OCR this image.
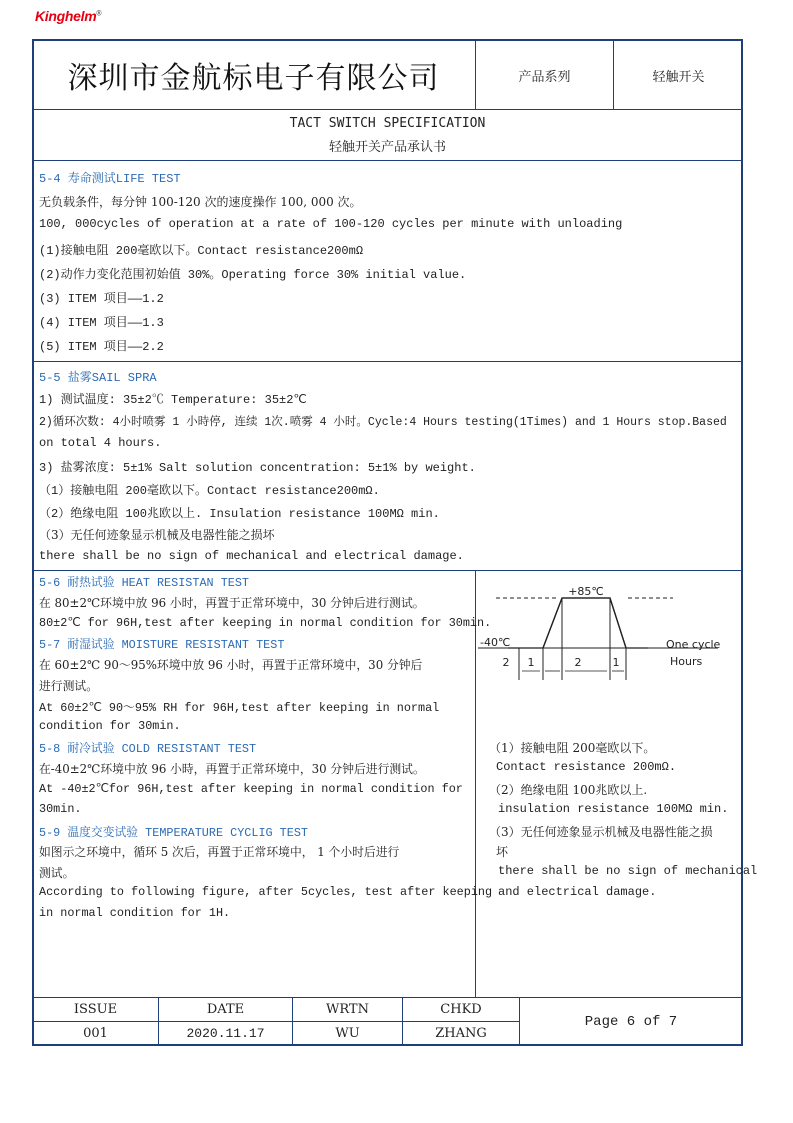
Kinghelm®
深圳市金航标电子有限公司	产品系列	轻触开关
TACT SWITCH SPECIFICATION
轻触开关产品承认书
5-4 寿命测试LIFE TEST
无负载条件，每分钟 100-120 次的速度操作 100, 000 次。
100, 000cycles of operation at a rate of 100-120 cycles per minute with unloading
(1)接触电阻 200毫欧以下。Contact resistance200mΩ
(2)动作力变化范围初始值 30%。Operating force 30% initial value.
(3) ITEM 项目——1.2
(4) ITEM 项目——1.3
(5) ITEM 项目——2.2
5-5 盐雾SAIL SPRA
1) 测试温度: 35±2℃ Temperature: 35±2℃
2)循环次数: 4小时喷雾 1 小時停, 连续 1次.喷雾 4 小时。Cycle:4 Hours testing(1Times) and 1 Hours stop.Based
on total 4 hours.
3) 盐雾浓度: 5±1% Salt solution concentration: 5±1% by weight.
（1）接触电阻 200毫欧以下。Contact resistance200mΩ.
（2）绝缘电阻 100兆欧以上. Insulation resistance 100MΩ min.
（3）无任何迹象显示机械及电器性能之损坏
there shall be no sign of mechanical and electrical damage.
5-6 耐热试验 HEAT RESISTAN TEST
在 80±2℃环境中放 96 小时，再置于正常环境中，30 分钟后进行测试。
80±2℃ for 96H,test after keeping in normal condition for 30min.
5-7 耐湿试验 MOISTURE RESISTANT TEST
在 60±2℃ 90～95%环境中放 96 小时，再置于正常环境中，30 分钟后
进行测试。
At 60±2℃ 90～95% RH for 96H,test after keeping in normal
condition for 30min.
5-8 耐冷试验 COLD RESISTANT TEST
在-40±2℃环境中放 96 小時，再置于正常环境中，30 分钟后进行测试。
At -40±2℃for 96H,test after keeping in normal condition for
30min.
5-9 温度交变试验 TEMPERATURE CYCLIG TEST
如图示之环境中，循环 5 次后，再置于正常环境中， 1 个小时后进行
测试。
According to following figure, after 5cycles, test after keeping
in normal condition for 1H.
+85℃
-40℃
2 1	2	1
One cycle
Hours
（1）接触电阻 200毫欧以下。
Contact resistance 200mΩ.
（2）绝缘电阻 100兆欧以上.
insulation resistance 100MΩ min.
（3）无任何迹象显示机械及电器性能之损
坏
there shall be no sign of mechanical
and electrical damage.
ISSUE	DATE	WRTN	CHKD
001	2020.11.17	WU	ZHANG
Page 6 of 7
